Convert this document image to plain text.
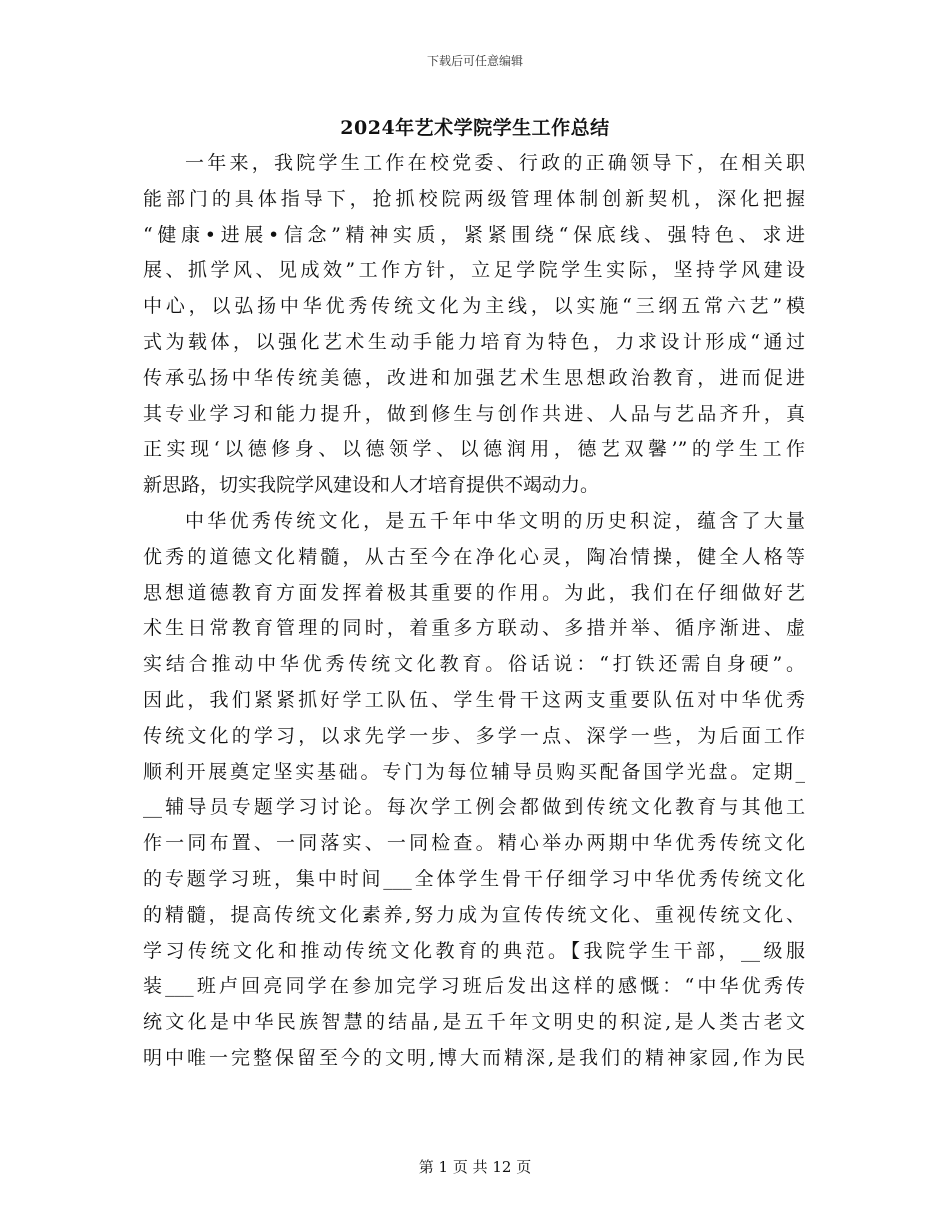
下载后可任意编辑
2024年艺术学院学生工作总结
一年来，我院学生工作在校党委、行政的正确领导下，在相关职
能部门的具体指导下，抢抓校院两级管理体制创新契机，深化把握
“健康•进展•信念”精神实质，紧紧围绕“保底线、强特色、求进
展、抓学风、见成效”工作方针，立足学院学生实际，坚持学风建设
中心，以弘扬中华优秀传统文化为主线，以实施“三纲五常六艺”模
式为载体，以强化艺术生动手能力培育为特色，力求设计形成“通过
传承弘扬中华传统美德，改进和加强艺术生思想政治教育，进而促进
其专业学习和能力提升，做到修生与创作共进、人品与艺品齐升，真
正实现‘以德修身、以德领学、以德润用，德艺双馨’”的学生工作
新思路，切实我院学风建设和人才培育提供不竭动力。
中华优秀传统文化，是五千年中华文明的历史积淀，蕴含了大量
优秀的道德文化精髓，从古至今在净化心灵，陶冶情操，健全人格等
思想道德教育方面发挥着极其重要的作用。为此，我们在仔细做好艺
术生日常教育管理的同时，着重多方联动、多措并举、循序渐进、虚
实结合推动中华优秀传统文化教育。俗话说：“打铁还需自身硬”。
因此，我们紧紧抓好学工队伍、学生骨干这两支重要队伍对中华优秀
传统文化的学习，以求先学一步、多学一点、深学一些，为后面工作
顺利开展奠定坚实基础。专门为每位辅导员购买配备国学光盘。定期_
__辅导员专题学习讨论。每次学工例会都做到传统文化教育与其他工
作一同布置、一同落实、一同检查。精心举办两期中华优秀传统文化
的专题学习班，集中时间___全体学生骨干仔细学习中华优秀传统文化
的精髓，提高传统文化素养,努力成为宣传传统文化、重视传统文化、
学习传统文化和推动传统文化教育的典范。【我院学生干部，__级服
装___班卢回亮同学在参加完学习班后发出这样的感慨：“中华优秀传
统文化是中华民族智慧的结晶,是五千年文明史的积淀,是人类古老文
明中唯一完整保留至今的文明,博大而精深,是我们的精神家园,作为民
第 1 页 共 12 页
